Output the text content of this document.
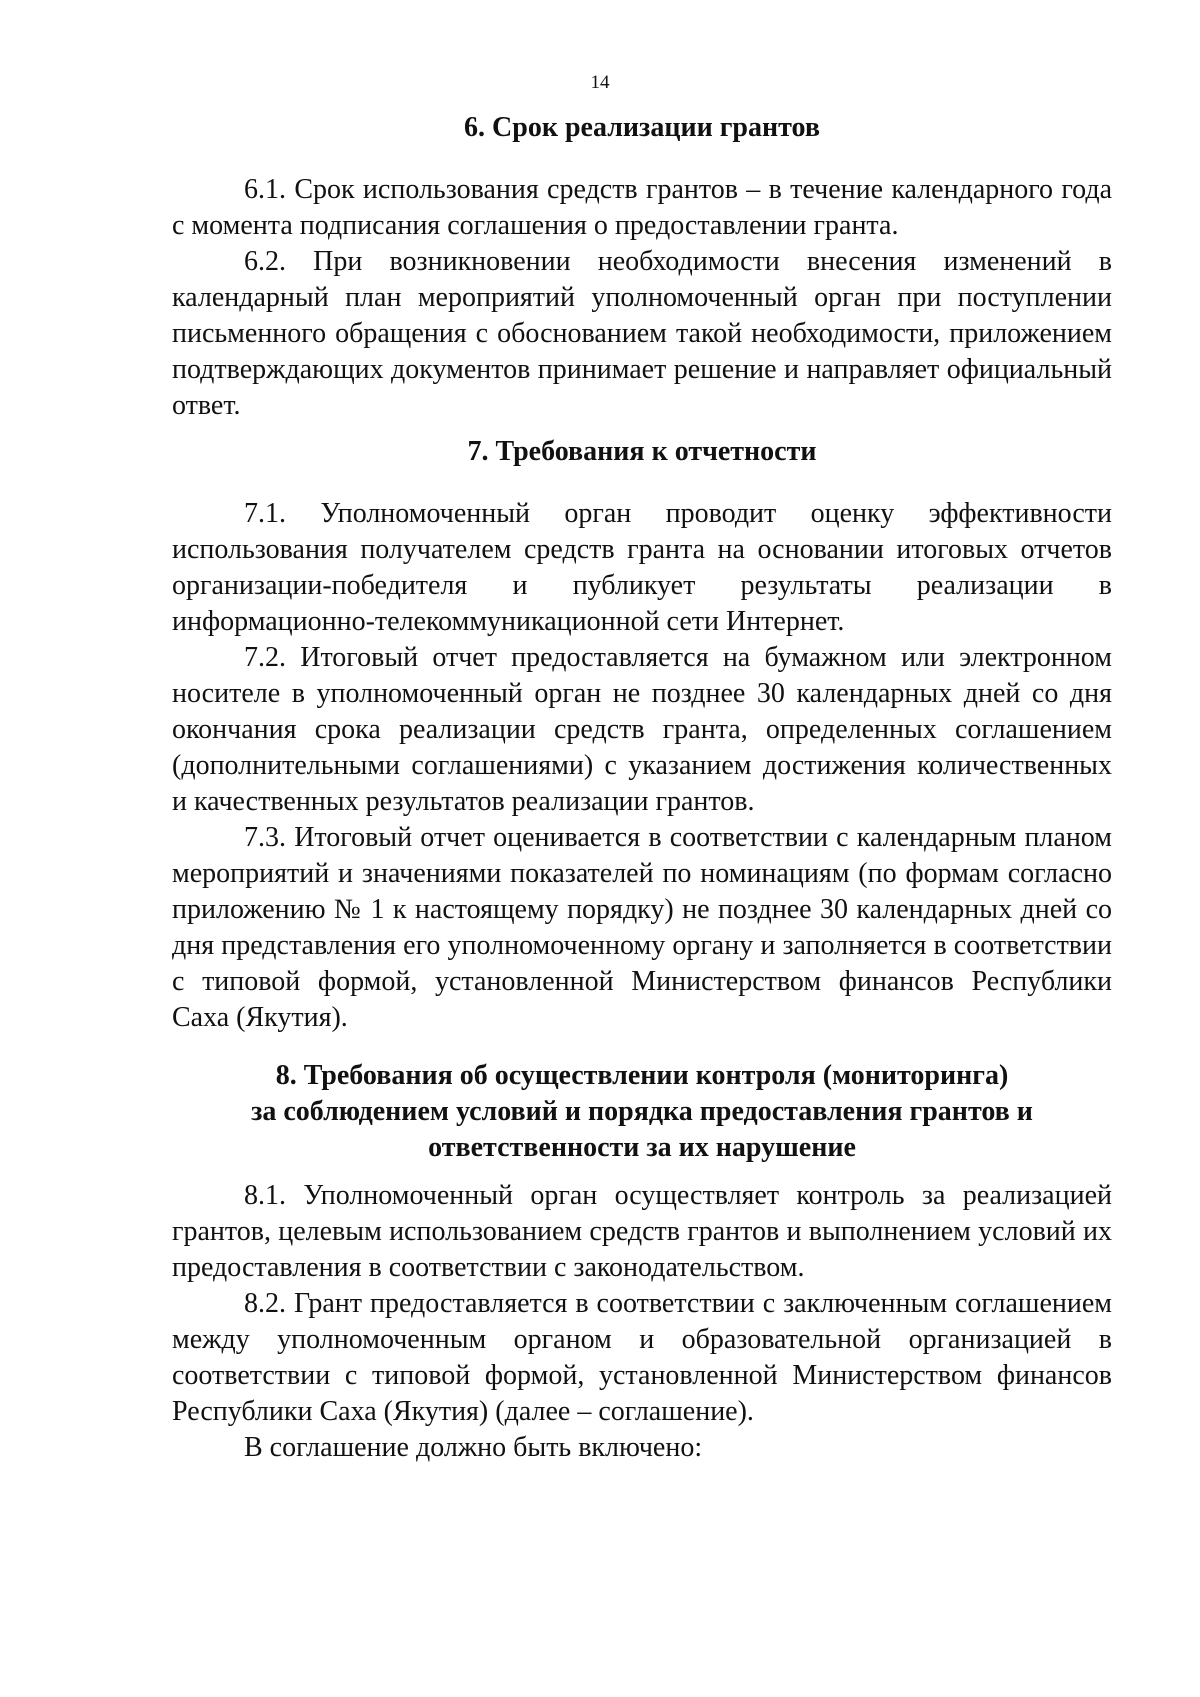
14
6. Срок реализации грантов

6.1. Срок использования средств грантов – в течение календарного года с момента подписания соглашения о предоставлении гранта.

6.2. При возникновении необходимости внесения изменений в календарный план мероприятий уполномоченный орган при поступлении письменного обращения с обоснованием такой необходимости, приложением подтверждающих документов принимает решение и направляет официальный ответ.

7. Требования к отчетности

7.1. Уполномоченный орган проводит оценку эффективности использования получателем средств гранта на основании итоговых отчетов организации-победителя и публикует результаты реализации в информационно-телекоммуникационной сети Интернет.

7.2. Итоговый отчет предоставляется на бумажном или электронном носителе в уполномоченный орган не позднее 30 календарных дней со дня окончания срока реализации средств гранта, определенных соглашением (дополнительными соглашениями) с указанием достижения количественных и качественных результатов реализации грантов.

7.3. Итоговый отчет оценивается в соответствии с календарным планом мероприятий и значениями показателей по номинациям (по формам согласно приложению № 1 к настоящему порядку) не позднее 30 календарных дней со дня представления его уполномоченному органу и заполняется в соответствии с типовой формой, установленной Министерством финансов Республики Саха (Якутия).

8. Требования об осуществлении контроля (мониторинга)
за соблюдением условий и порядка предоставления грантов и
ответственности за их нарушение

8.1. Уполномоченный орган осуществляет контроль за реализацией грантов, целевым использованием средств грантов и выполнением условий их предоставления в соответствии с законодательством.

8.2. Грант предоставляется в соответствии с заключенным соглашением между уполномоченным органом и образовательной организацией в соответствии с типовой формой, установленной Министерством финансов Республики Саха (Якутия) (далее – соглашение).

В соглашение должно быть включено:
